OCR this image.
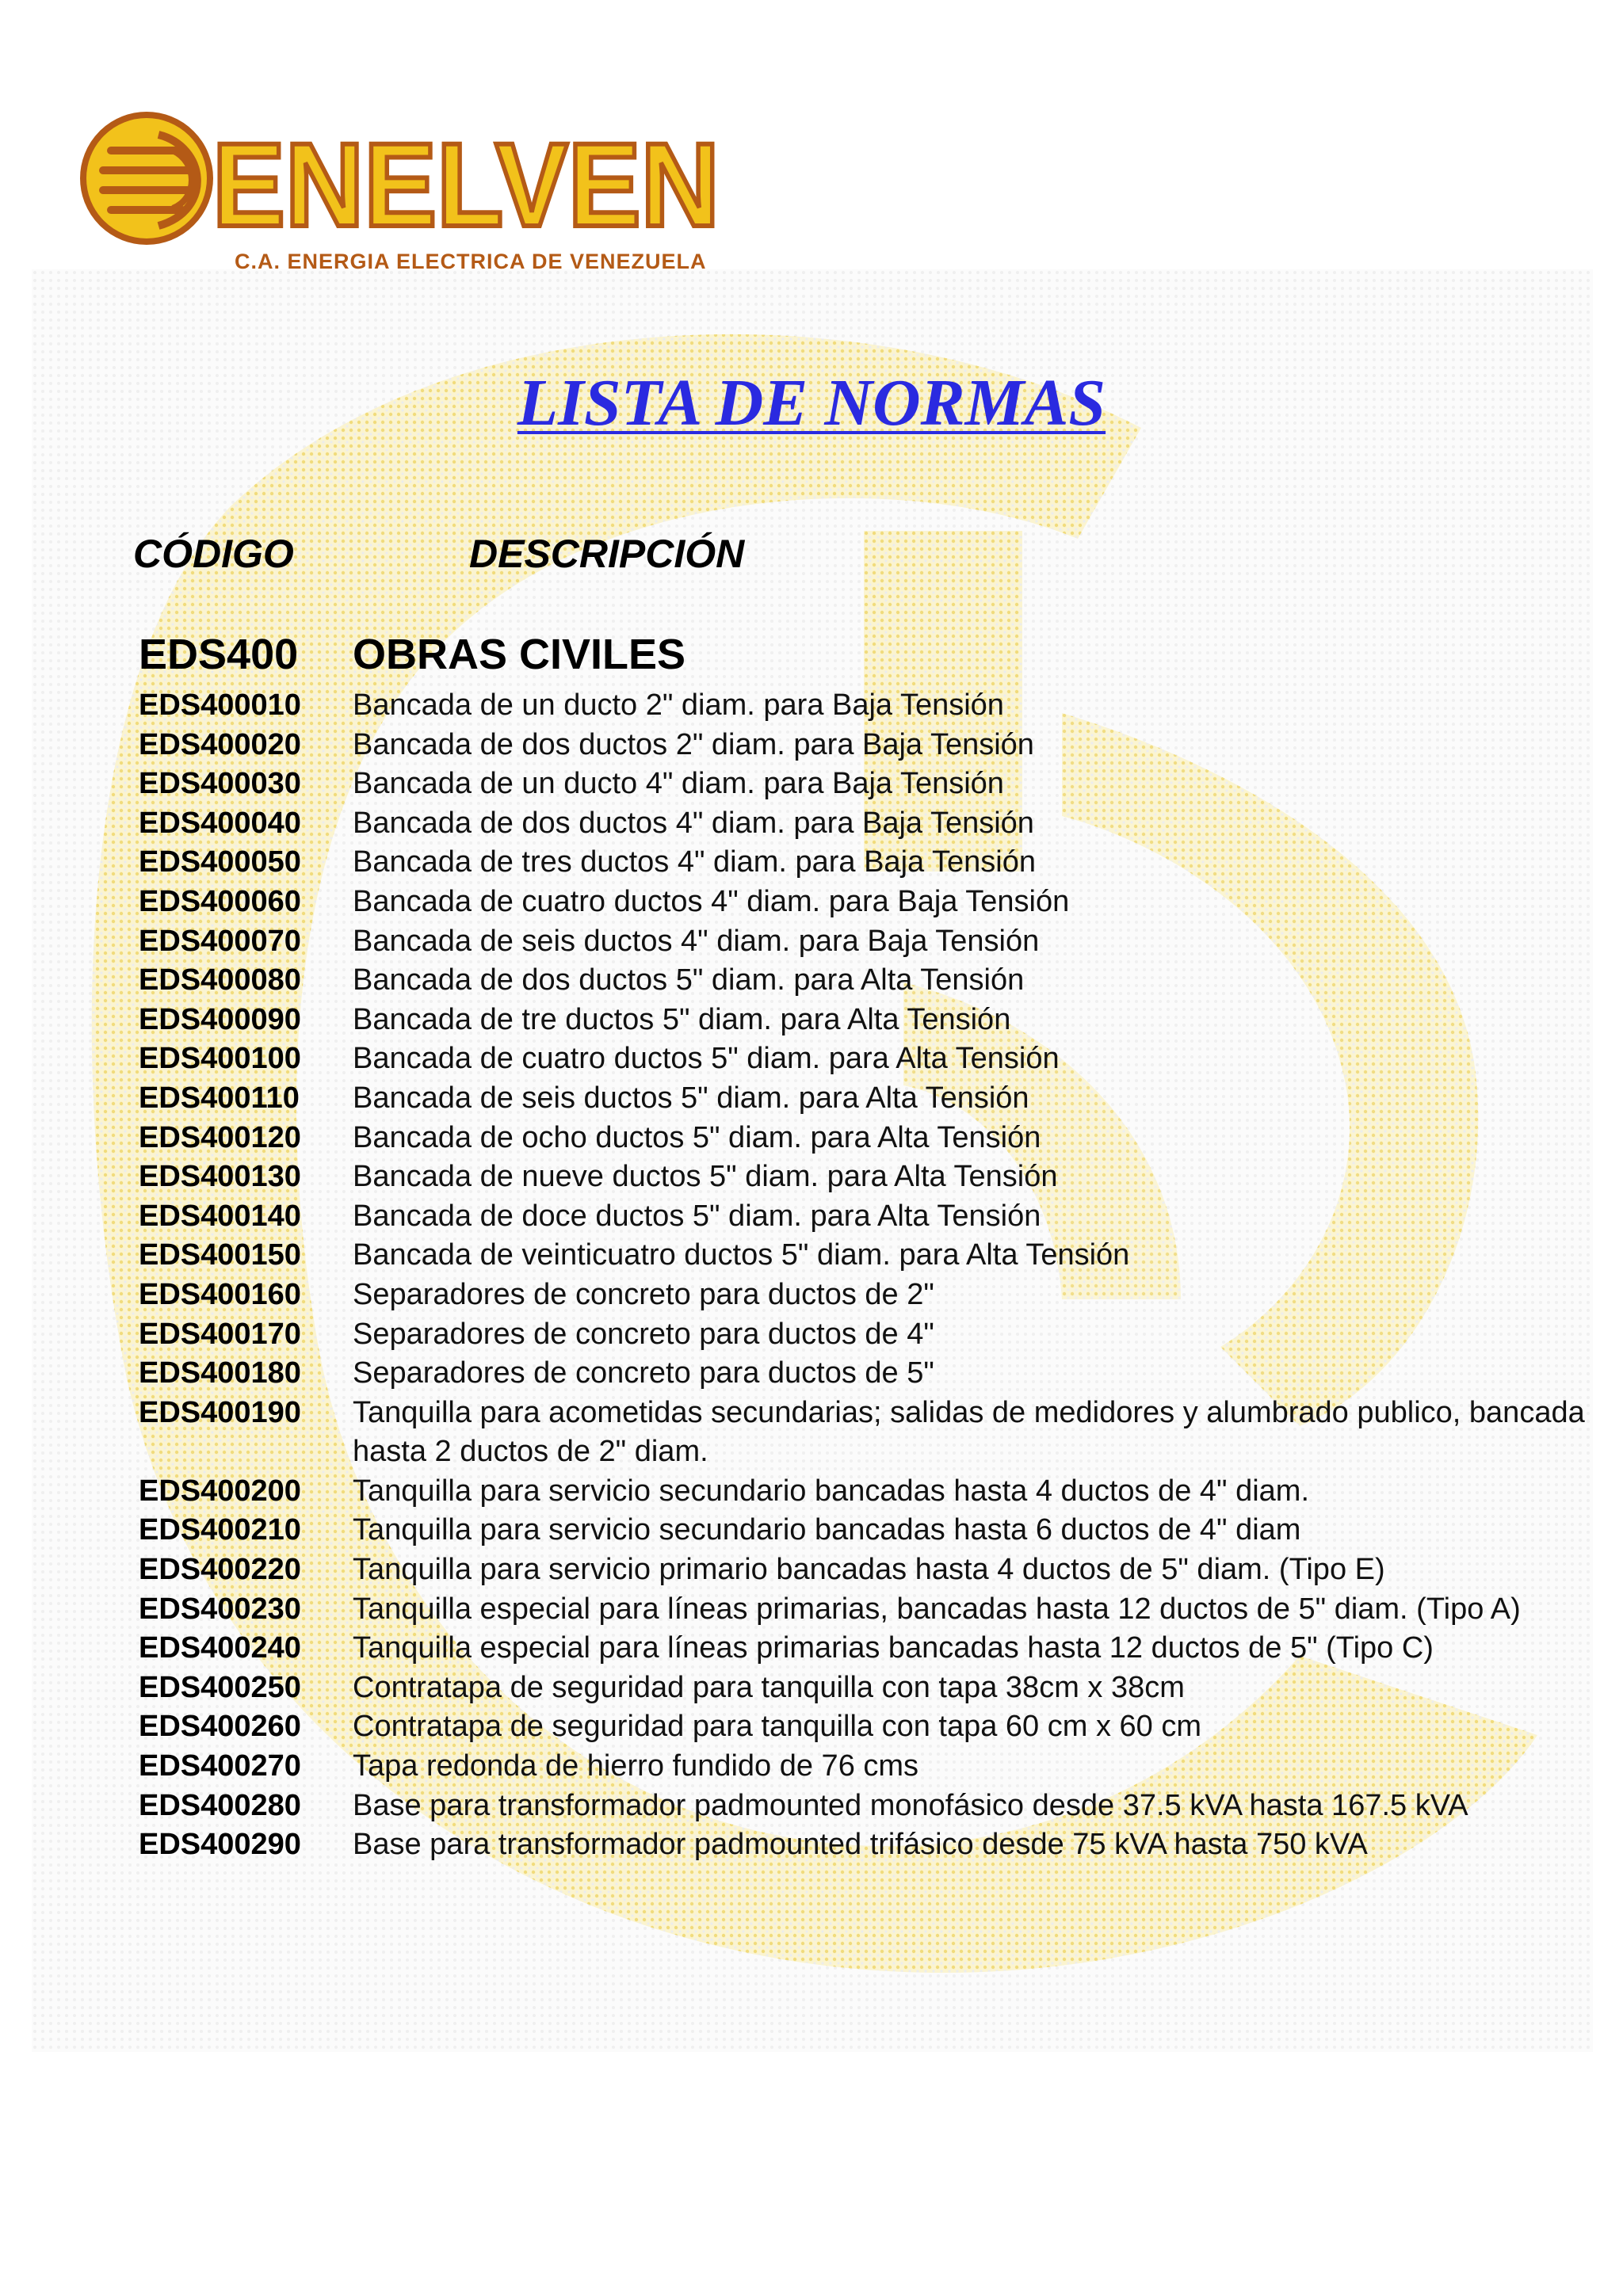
ENELVEN
C.A. ENERGIA ELECTRICA DE VENEZUELA
LISTA DE NORMAS
CÓDIGO	DESCRIPCIÓN
EDS400 OBRAS CIVILES
EDS400010	Bancada de un ducto 2" diam. para Baja Tensión
EDS400020	Bancada de dos ductos 2" diam. para Baja Tensión
EDS400030	Bancada de un ducto 4" diam. para Baja Tensión
EDS400040	Bancada de dos ductos 4" diam. para Baja Tensión
EDS400050	Bancada de tres ductos 4" diam. para Baja Tensión
EDS400060	Bancada de cuatro ductos 4" diam. para Baja Tensión
EDS400070	Bancada de seis ductos 4" diam. para Baja Tensión
EDS400080	Bancada de dos ductos 5" diam. para Alta Tensión
EDS400090	Bancada de tre ductos 5" diam. para Alta Tensión
EDS400100	Bancada de cuatro ductos 5" diam. para Alta Tensión
EDS400110	Bancada de seis ductos 5" diam. para Alta Tensión
EDS400120	Bancada de ocho ductos 5" diam. para Alta Tensión
EDS400130	Bancada de nueve ductos 5" diam. para Alta Tensión
EDS400140	Bancada de doce ductos 5" diam. para Alta Tensión
EDS400150	Bancada de veinticuatro ductos 5" diam. para Alta Tensión
EDS400160	Separadores de concreto para ductos de 2"
EDS400170	Separadores de concreto para ductos de 4"
EDS400180	Separadores de concreto para ductos de 5"
EDS400190	Tanquilla para acometidas secundarias; salidas de medidores y alumbrado publico, bancada hasta 2 ductos de 2" diam.
EDS400200	Tanquilla para servicio secundario bancadas hasta 4 ductos de 4" diam.
EDS400210	Tanquilla para servicio secundario bancadas hasta 6 ductos de 4" diam
EDS400220	Tanquilla para servicio primario bancadas hasta 4 ductos de 5" diam. (Tipo E)
EDS400230	Tanquilla especial para líneas primarias, bancadas hasta 12 ductos de 5" diam. (Tipo A)
EDS400240	Tanquilla especial para líneas primarias bancadas hasta 12 ductos de 5" (Tipo C)
EDS400250	Contratapa de seguridad para tanquilla con tapa 38cm x 38cm
EDS400260	Contratapa de seguridad para tanquilla con tapa 60 cm x 60 cm
EDS400270	Tapa redonda de hierro fundido de 76 cms
EDS400280	Base para transformador padmounted monofásico desde 37.5 kVA hasta 167.5 kVA
EDS400290	Base para transformador padmounted trifásico desde 75 kVA hasta 750 kVA
